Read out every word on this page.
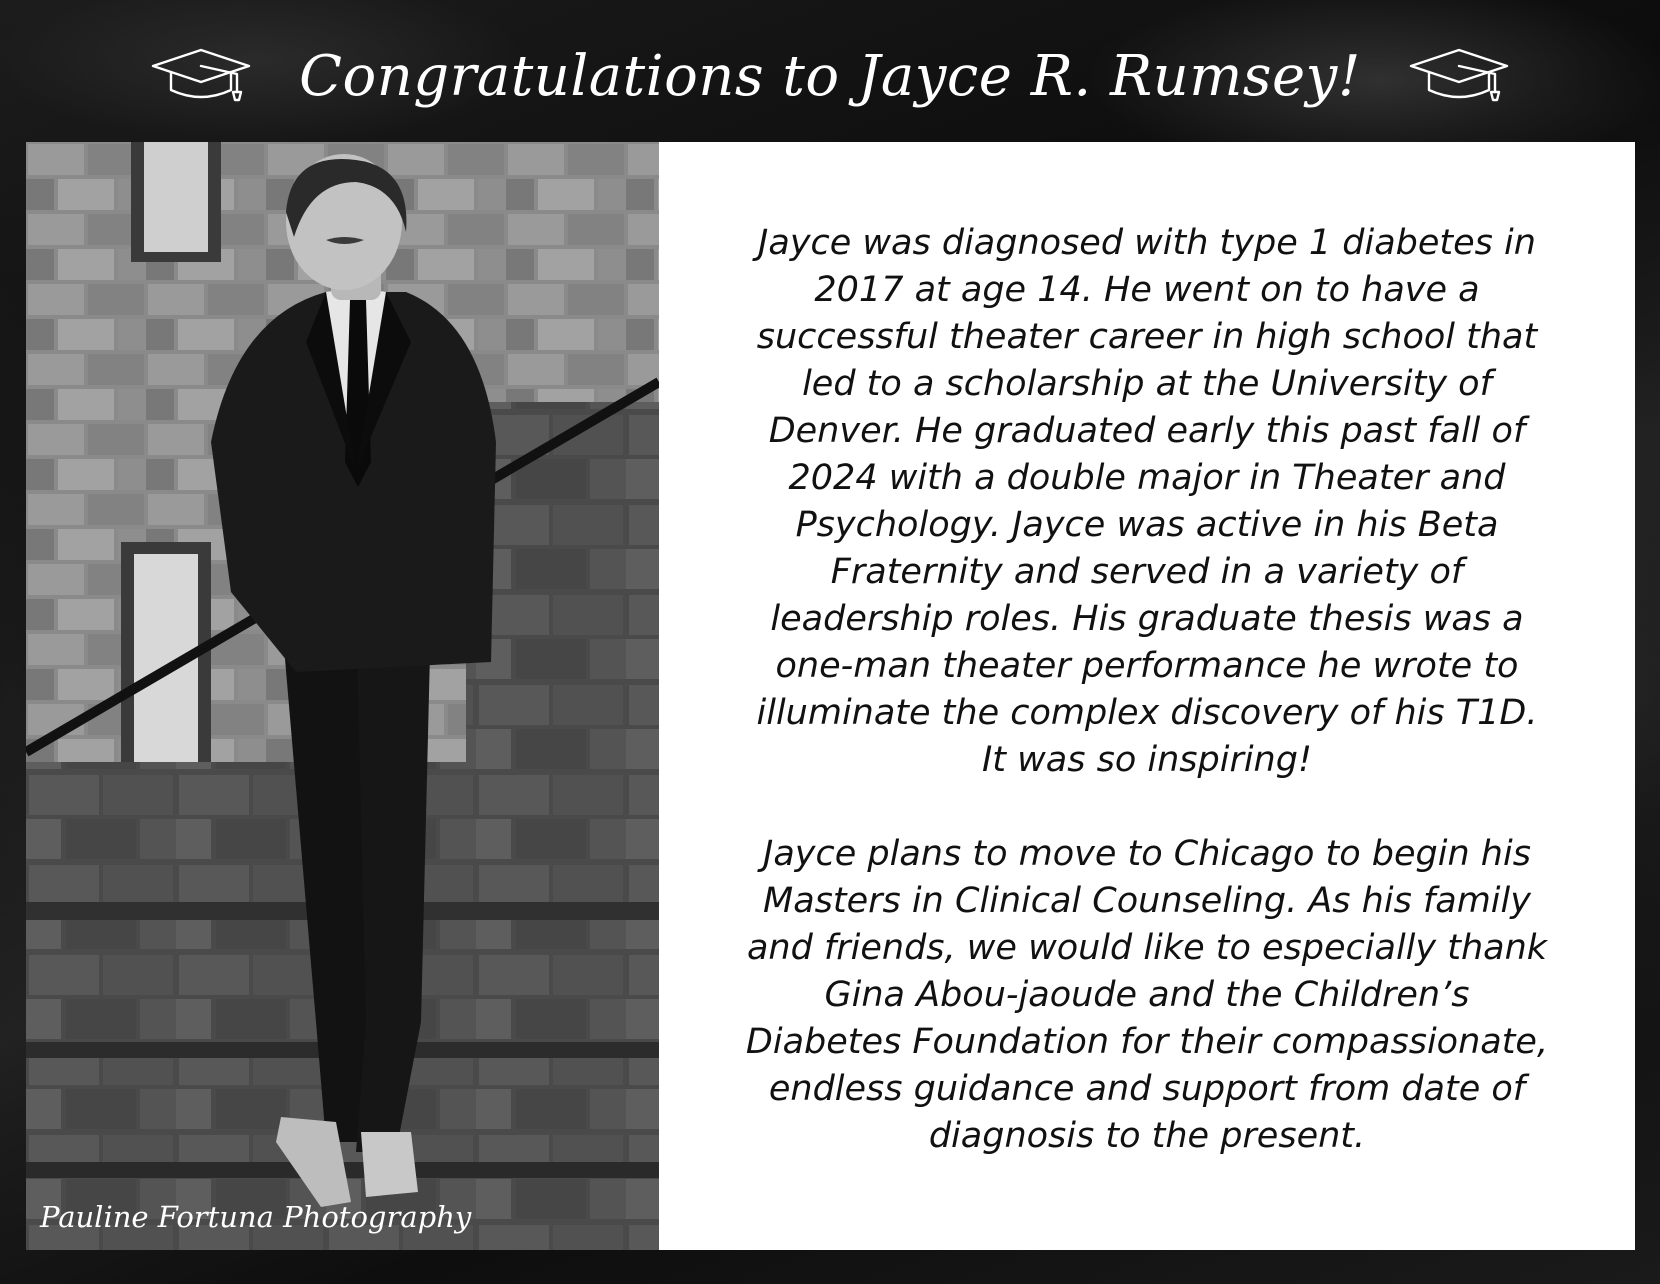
Congratulations to Jayce R. Rumsey!
Pauline Fortuna Photography

Jayce was diagnosed with type 1 diabetes in
2017 at age 14. He went on to have a
successful theater career in high school that
led to a scholarship at the University of
Denver. He graduated early this past fall of
2024 with a double major in Theater and
Psychology. Jayce was active in his Beta
Fraternity and served in a variety of
leadership roles. His graduate thesis was a
one-man theater performance he wrote to
illuminate the complex discovery of his T1D.
It was so inspiring!

Jayce plans to move to Chicago to begin his
Masters in Clinical Counseling. As his family
and friends, we would like to especially thank
Gina Abou-jaoude and the Children’s
Diabetes Foundation for their compassionate,
endless guidance and support from date of
diagnosis to the present.
